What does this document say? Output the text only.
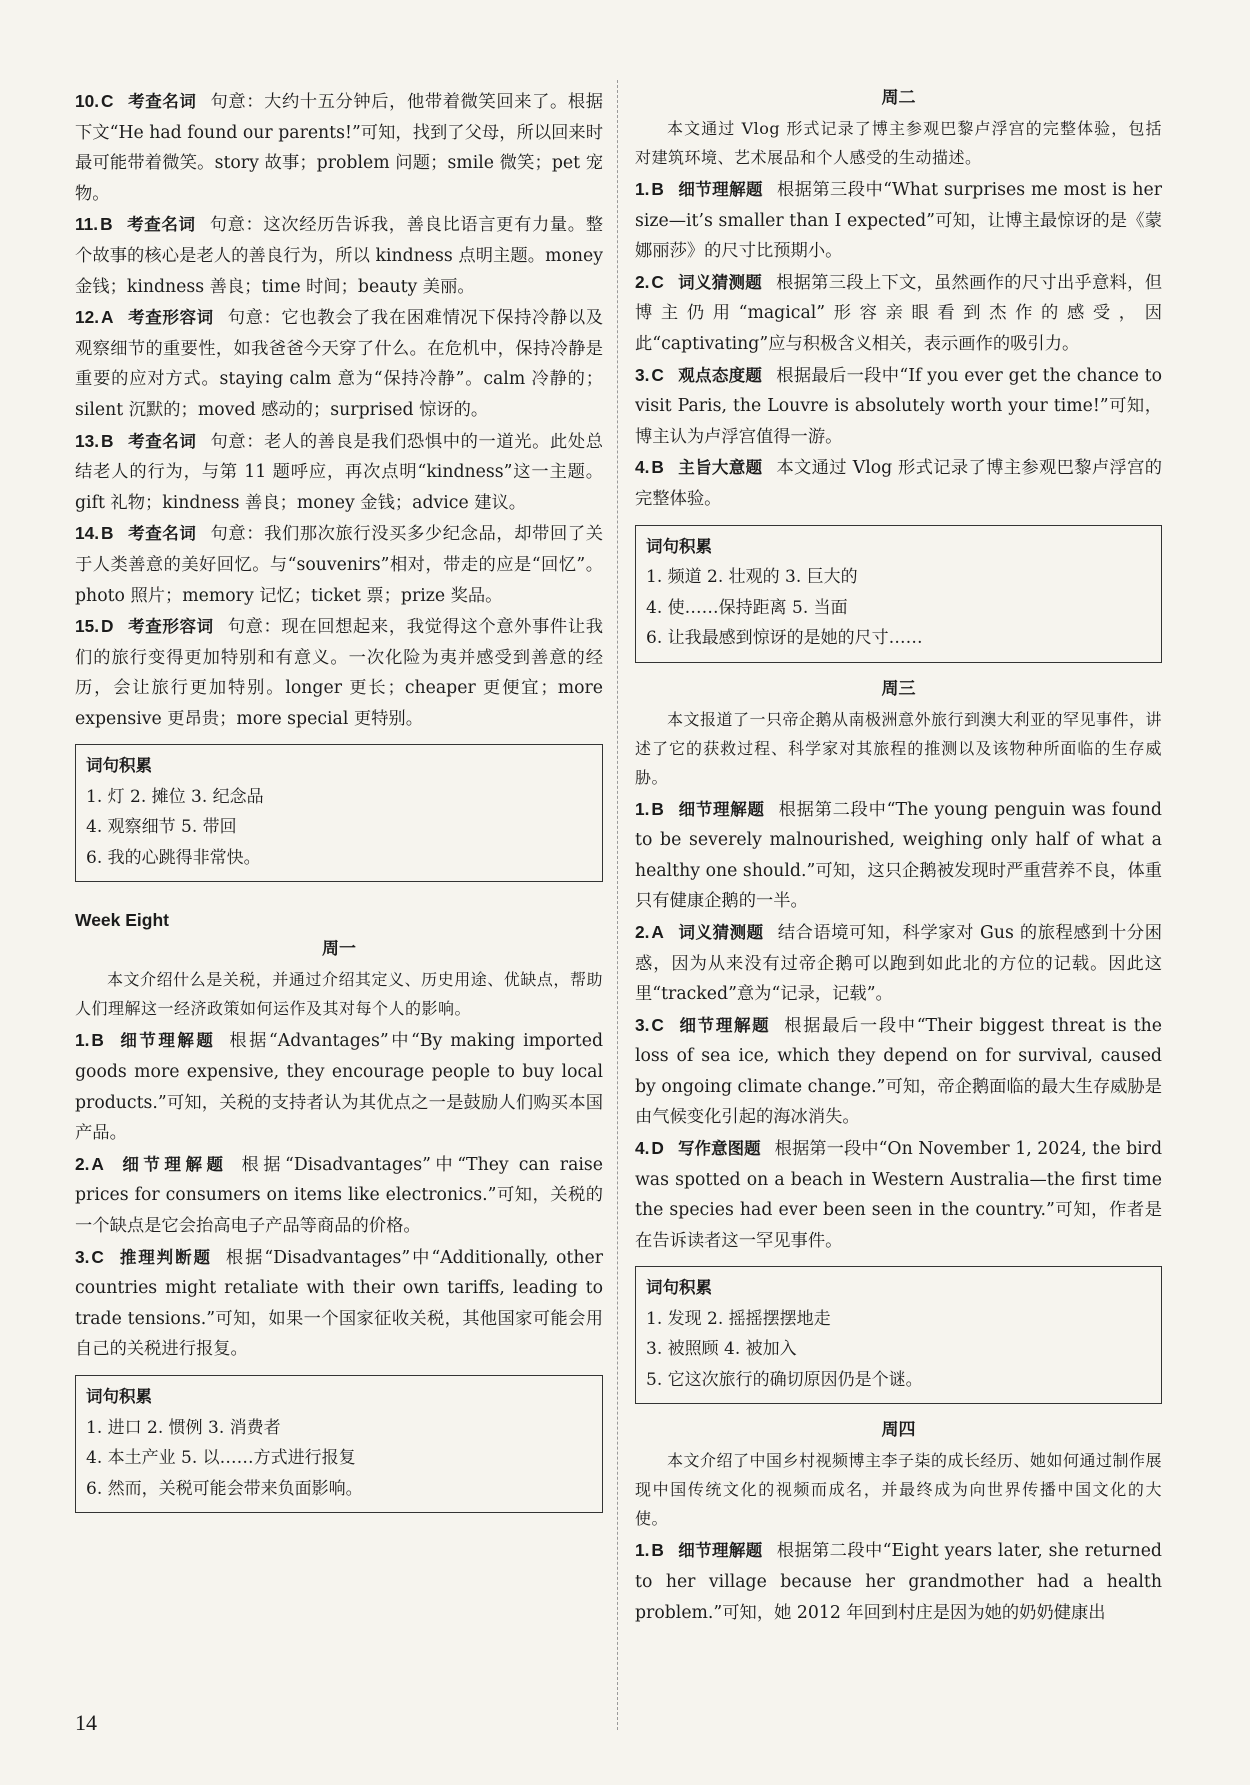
10. C 考查名词 句意：大约十五分钟后，他带着微笑回来了。根据下文“He had found our parents!”可知，找到了父母，所以回来时最可能带着微笑。story 故事；problem 问题；smile 微笑；pet 宠物。

11. B 考查名词 句意：这次经历告诉我，善良比语言更有力量。整个故事的核心是老人的善良行为，所以 kindness 点明主题。money 金钱；kindness 善良；time 时间；beauty 美丽。

12. A 考查形容词 句意：它也教会了我在困难情况下保持冷静以及观察细节的重要性，如我爸爸今天穿了什么。在危机中，保持冷静是重要的应对方式。staying calm 意为“保持冷静”。calm 冷静的；silent 沉默的；moved 感动的；surprised 惊讶的。

13. B 考查名词 句意：老人的善良是我们恐惧中的一道光。此处总结老人的行为，与第 11 题呼应，再次点明“kindness”这一主题。gift 礼物；kindness 善良；money 金钱；advice 建议。

14. B 考查名词 句意：我们那次旅行没买多少纪念品，却带回了关于人类善意的美好回忆。与“souvenirs”相对，带走的应是“回忆”。photo 照片；memory 记忆；ticket 票；prize 奖品。

15. D 考查形容词 句意：现在回想起来，我觉得这个意外事件让我们的旅行变得更加特别和有意义。一次化险为夷并感受到善意的经历，会让旅行更加特别。longer 更长；cheaper 更便宜；more expensive 更昂贵；more special 更特别。

词句积累
1. 灯 2. 摊位 3. 纪念品
4. 观察细节 5. 带回
6. 我的心跳得非常快。
Week Eight
周一

本文介绍什么是关税，并通过介绍其定义、历史用途、优缺点，帮助人们理解这一经济政策如何运作及其对每个人的影响。

1. B 细节理解题 根据“Advantages”中“By making imported goods more expensive, they encourage people to buy local products.”可知，关税的支持者认为其优点之一是鼓励人们购买本国产品。

2. A 细节理解题 根据“Disadvantages”中“They can raise prices for consumers on items like electronics.”可知，关税的一个缺点是它会抬高电子产品等商品的价格。

3. C 推理判断题 根据“Disadvantages”中“Additionally, other countries might retaliate with their own tariffs, leading to trade tensions.”可知，如果一个国家征收关税，其他国家可能会用自己的关税进行报复。

词句积累
1. 进口 2. 惯例 3. 消费者
4. 本土产业 5. 以……方式进行报复
6. 然而，关税可能会带来负面影响。
周二

本文通过 Vlog 形式记录了博主参观巴黎卢浮宫的完整体验，包括对建筑环境、艺术展品和个人感受的生动描述。

1. B 细节理解题 根据第三段中“What surprises me most is her size—it’s smaller than I expected”可知，让博主最惊讶的是《蒙娜丽莎》的尺寸比预期小。

2. C 词义猜测题 根据第三段上下文，虽然画作的尺寸出乎意料，但博主仍用“magical”形容亲眼看到杰作的感受，因此“captivating”应与积极含义相关，表示画作的吸引力。

3. C 观点态度题 根据最后一段中“If you ever get the chance to visit Paris, the Louvre is absolutely worth your time!”可知，博主认为卢浮宫值得一游。

4. B 主旨大意题 本文通过 Vlog 形式记录了博主参观巴黎卢浮宫的完整体验。

词句积累
1. 频道 2. 壮观的 3. 巨大的
4. 使……保持距离 5. 当面
6. 让我最感到惊讶的是她的尺寸……
周三

本文报道了一只帝企鹅从南极洲意外旅行到澳大利亚的罕见事件，讲述了它的获救过程、科学家对其旅程的推测以及该物种所面临的生存威胁。

1. B 细节理解题 根据第二段中“The young penguin was found to be severely malnourished, weighing only half of what a healthy one should.”可知，这只企鹅被发现时严重营养不良，体重只有健康企鹅的一半。

2. A 词义猜测题 结合语境可知，科学家对 Gus 的旅程感到十分困惑，因为从来没有过帝企鹅可以跑到如此北的方位的记载。因此这里“tracked”意为“记录，记载”。

3. C 细节理解题 根据最后一段中“Their biggest threat is the loss of sea ice, which they depend on for survival, caused by ongoing climate change.”可知，帝企鹅面临的最大生存威胁是由气候变化引起的海冰消失。

4. D 写作意图题 根据第一段中“On November 1, 2024, the bird was spotted on a beach in Western Australia—the first time the species had ever been seen in the country.”可知，作者是在告诉读者这一罕见事件。

词句积累
1. 发现 2. 摇摇摆摆地走
3. 被照顾 4. 被加入
5. 它这次旅行的确切原因仍是个谜。
周四

本文介绍了中国乡村视频博主李子柒的成长经历、她如何通过制作展现中国传统文化的视频而成名，并最终成为向世界传播中国文化的大使。

1. B 细节理解题 根据第二段中“Eight years later, she returned to her village because her grandmother had a health problem.”可知，她 2012 年回到村庄是因为她的奶奶健康出

14
